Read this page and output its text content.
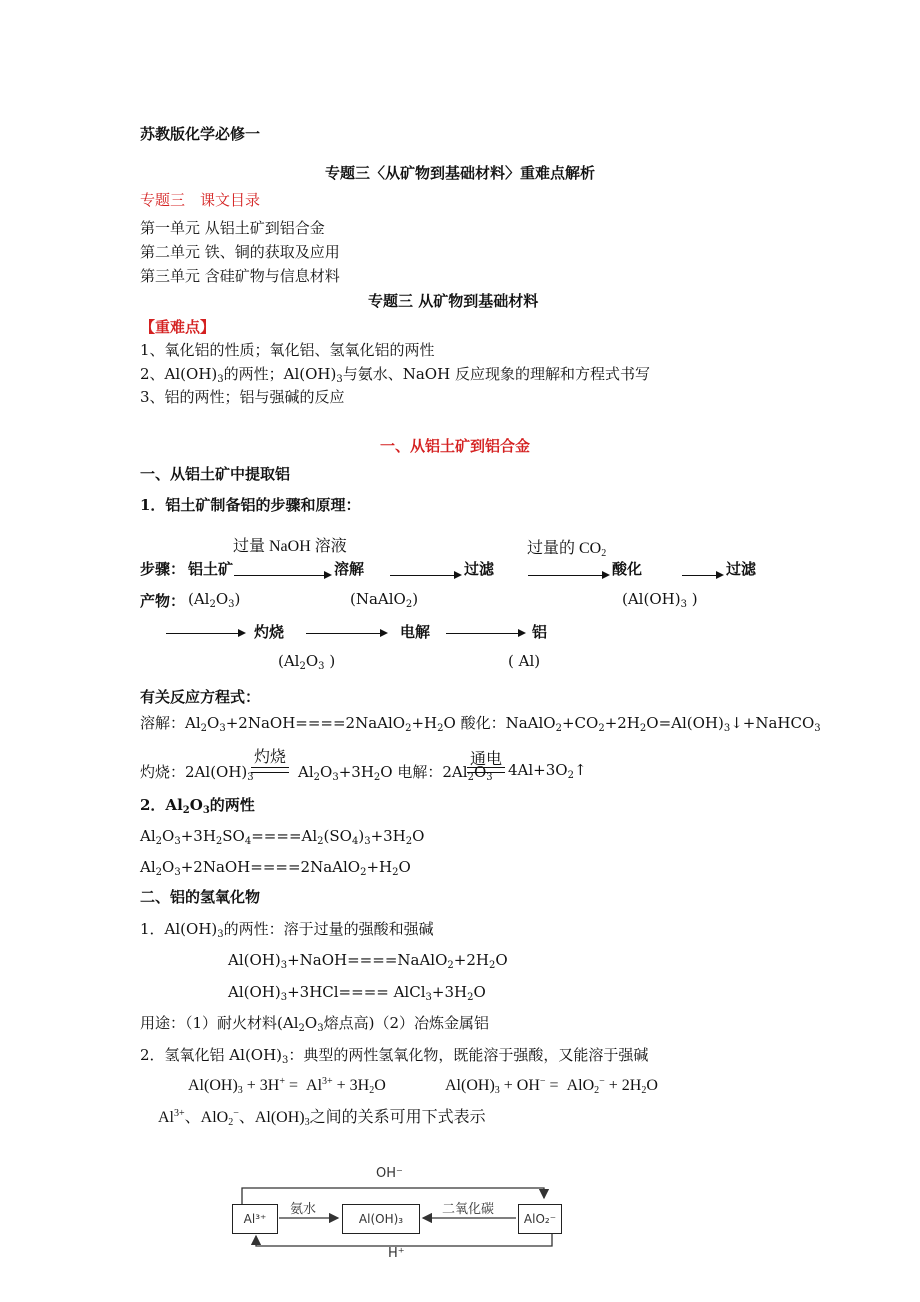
苏教版化学必修一
专题三〈从矿物到基础材料〉重难点解析
专题三　课文目录
第一单元 从铝土矿到铝合金
第二单元 铁、铜的获取及应用
第三单元 含硅矿物与信息材料
专题三 从矿物到基础材料
【重难点】
1、氧化铝的性质；氧化铝、氢氧化铝的两性
2、$Al(OH)_3$的两性；$Al(OH)_3$与氨水、NaOH 反应现象的理解和方程式书写
3、铝的两性；铝与强碱的反应
一、从铝土矿到铝合金
一、从铝土矿中提取铝
1．铝土矿制备铝的步骤和原理：
过量 NaOH 溶液	过量的 $CO_2$
步骤： 铝土矿	溶解	过滤	酸化	过滤
产物： $(Al_2O_3)$	(NaAlO$_2$)	($Al(OH)_3$ )
灼烧	电解	铝
($Al_2O_3$ )	( Al)
有关反应方程式：
溶解：$Al_2O_3+2NaOH====2NaAlO_2+H_2O$ 酸化：$NaAlO_2+CO_2+2H_2O=Al(OH)_3↓+NaHCO_3$
灼烧	通电
灼烧：$2Al(OH)_3$	$Al_2O_3+3H_2O$ 电解：$2Al_2O_3$ $4Al+3O_2↑$
2．$Al_2O_3$的两性
$Al_2O_3+3H_2SO_4====Al_2(SO_4)_3+3H_2O$
$Al_2O_3+2NaOH====2NaAlO_2+H_2O$
二、铝的氢氧化物
1．$Al(OH)_3$的两性：溶于过量的强酸和强碱
$Al(OH)_3+NaOH====NaAlO_2+2H_2O$
$Al(OH)_3+3HCl====$ $AlCl_3+3H_2O$
用途：（1）耐火材料($Al_2O_3$熔点高)（2）冶炼金属铝
2．氢氧化铝 $Al(OH)_3$：典型的两性氢氧化物，既能溶于强酸，又能溶于强碱
$Al(OH)_3 + 3H^+ = Al^{3+} + 3H_2O$	$Al(OH)_3 + OH^- = AlO_2^- + 2H_2O$
$Al^{3+}$、AlO$_2$−、$Al(OH)_3$之间的关系可用下式表示
OH⁻
H⁺
氨水	二氧化碳
Al³⁺	Al(OH)₃	AlO₂⁻
